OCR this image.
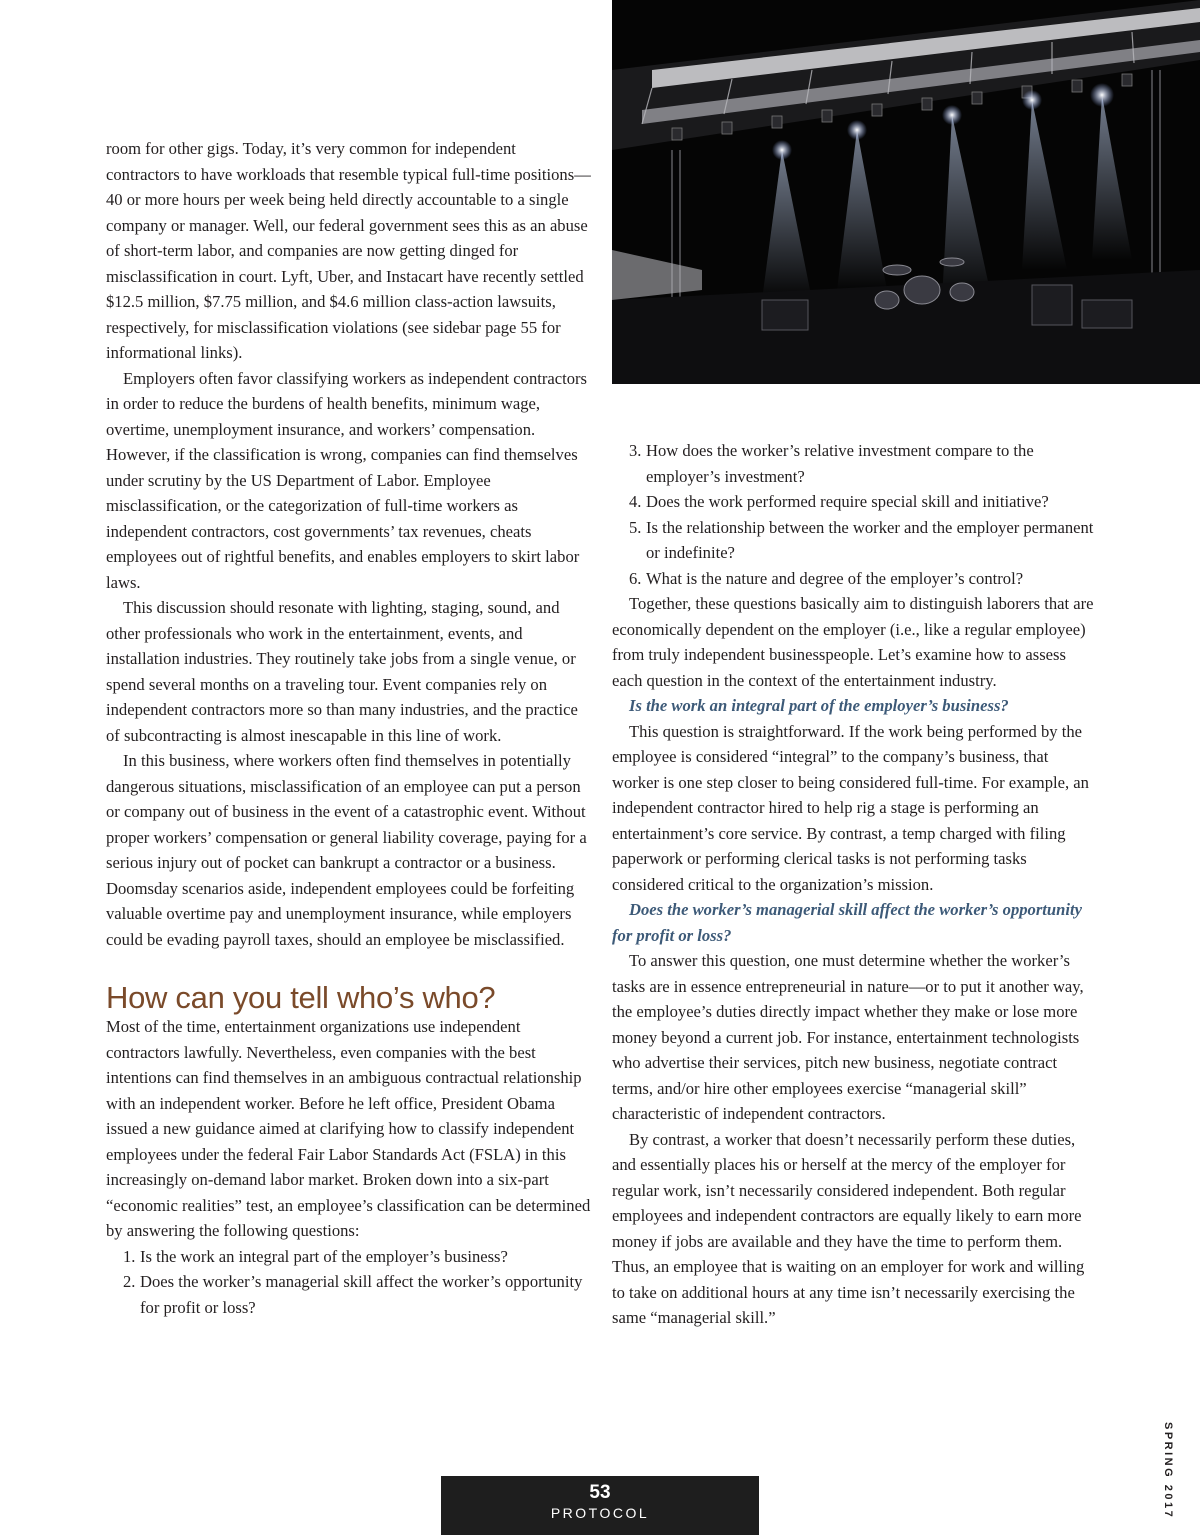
room for other gigs. Today, it’s very common for independent contractors to have workloads that resemble typical full-time positions—40 or more hours per week being held directly accountable to a single company or manager. Well, our federal government sees this as an abuse of short-term labor, and companies are now getting dinged for misclassification in court. Lyft, Uber, and Instacart have recently settled $12.5 million, $7.75 million, and $4.6 million class-action lawsuits, respectively, for misclassification violations (see sidebar page 55 for informational links).

Employers often favor classifying workers as independent contractors in order to reduce the burdens of health benefits, minimum wage, overtime, unemployment insurance, and workers’ compensation. However, if the classification is wrong, companies can find themselves under scrutiny by the US Department of Labor. Employee misclassification, or the categorization of full-time workers as independent contractors, cost governments’ tax revenues, cheats employees out of rightful benefits, and enables employers to skirt labor laws.

This discussion should resonate with lighting, staging, sound, and other professionals who work in the entertainment, events, and installation industries. They routinely take jobs from a single venue, or spend several months on a traveling tour. Event companies rely on independent contractors more so than many industries, and the practice of subcontracting is almost inescapable in this line of work.

In this business, where workers often find themselves in potentially dangerous situations, misclassification of an employee can put a person or company out of business in the event of a catastrophic event. Without proper workers’ compensation or general liability coverage, paying for a serious injury out of pocket can bankrupt a contractor or a business. Doomsday scenarios aside, independent employees could be forfeiting valuable overtime pay and unemployment insurance, while employers could be evading payroll taxes, should an employee be misclassified.

How can you tell who’s who?

Most of the time, entertainment organizations use independent contractors lawfully. Nevertheless, even companies with the best intentions can find themselves in an ambiguous contractual relationship with an independent worker. Before he left office, President Obama issued a new guidance aimed at clarifying how to classify independent employees under the federal Fair Labor Standards Act (FSLA) in this increasingly on-demand labor market. Broken down into a six-part “economic realities” test, an employee’s classification can be determined by answering the following questions:

1. Is the work an integral part of the employer’s business?
2. Does the worker’s managerial skill affect the worker’s opportunity for profit or loss?
3. How does the worker’s relative investment compare to the employer’s investment?
4. Does the work performed require special skill and initiative?
5. Is the relationship between the worker and the employer permanent or indefinite?
6. What is the nature and degree of the employer’s control?

Together, these questions basically aim to distinguish laborers that are economically dependent on the employer (i.e., like a regular employee) from truly independent businesspeople. Let’s examine how to assess each question in the context of the entertainment industry.

Is the work an integral part of the employer’s business?

This question is straightforward. If the work being performed by the employee is considered “integral” to the company’s business, that worker is one step closer to being considered full-time. For example, an independent contractor hired to help rig a stage is performing an entertainment’s core service. By contrast, a temp charged with filing paperwork or performing clerical tasks is not performing tasks considered critical to the organization’s mission.

Does the worker’s managerial skill affect the worker’s opportunity for profit or loss?

To answer this question, one must determine whether the worker’s tasks are in essence entrepreneurial in nature—or to put it another way, the employee’s duties directly impact whether they make or lose more money beyond a current job. For instance, entertainment technologists who advertise their services, pitch new business, negotiate contract terms, and/or hire other employees exercise “managerial skill” characteristic of independent contractors.

By contrast, a worker that doesn’t necessarily perform these duties, and essentially places his or herself at the mercy of the employer for regular work, isn’t necessarily considered independent. Both regular employees and independent contractors are equally likely to earn more money if jobs are available and they have the time to perform them. Thus, an employee that is waiting on an employer for work and willing to take on additional hours at any time isn’t necessarily exercising the same “managerial skill.”

53
PROTOCOL	SPRING 2017
